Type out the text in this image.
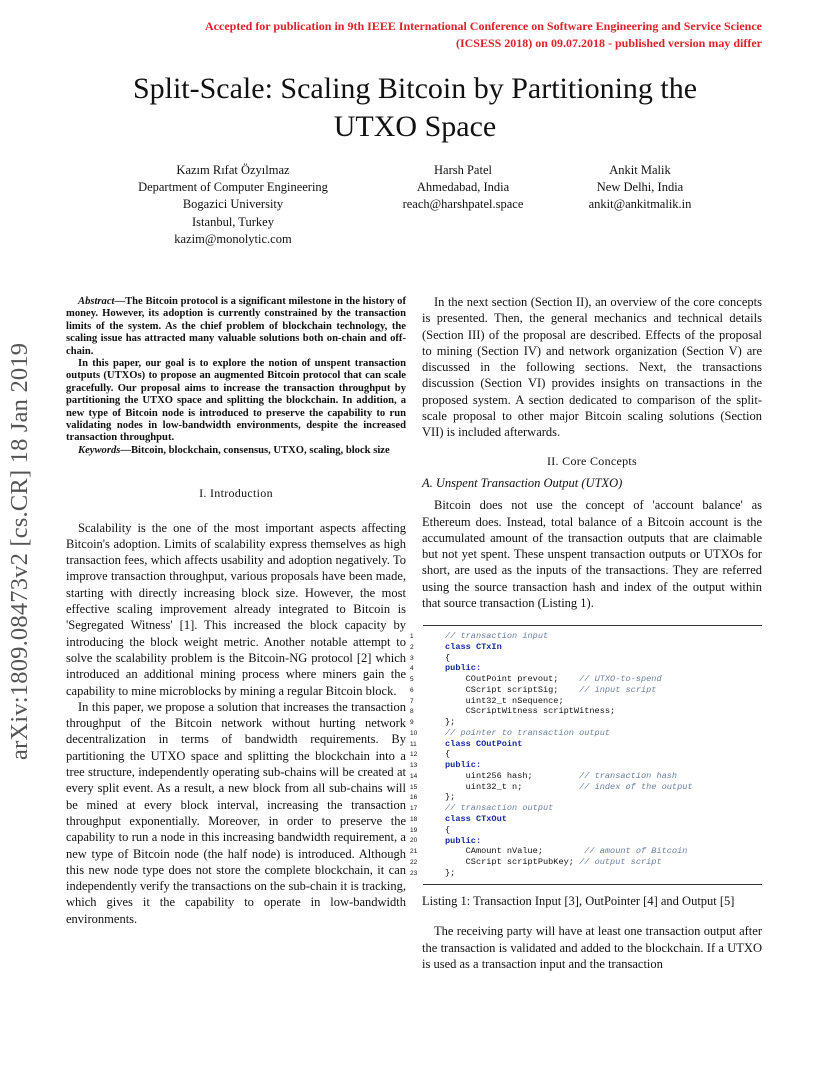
Accepted for publication in 9th IEEE International Conference on Software Engineering and Service Science
(ICSESS 2018) on 09.07.2018 - published version may differ
Split-Scale: Scaling Bitcoin by Partitioning the
UTXO Space
Kazım Rıfat Özyılmaz
Department of Computer Engineering
Bogazici University
Istanbul, Turkey
kazim@monolytic.com
Harsh Patel
Ahmedabad, India
reach@harshpatel.space
Ankit Malik
New Delhi, India
ankit@ankitmalik.in
arXiv:1809.08473v2 [cs.CR] 18 Jan 2019

Abstract—The Bitcoin protocol is a significant milestone in the history of money. However, its adoption is currently constrained by the transaction limits of the system. As the chief problem of blockchain technology, the scaling issue has attracted many valuable solutions both on-chain and off-chain.

In this paper, our goal is to explore the notion of unspent transaction outputs (UTXOs) to propose an augmented Bitcoin protocol that can scale gracefully. Our proposal aims to increase the transaction throughput by partitioning the UTXO space and splitting the blockchain. In addition, a new type of Bitcoin node is introduced to preserve the capability to run validating nodes in low-bandwidth environments, despite the increased transaction throughput.

Keywords—Bitcoin, blockchain, consensus, UTXO, scaling, block size

I. Introduction

Scalability is the one of the most important aspects affecting Bitcoin's adoption. Limits of scalability express themselves as high transaction fees, which affects usability and adoption negatively. To improve transaction throughput, various proposals have been made, starting with directly increasing block size. However, the most effective scaling improvement already integrated to Bitcoin is 'Segregated Witness' [1]. This increased the block capacity by introducing the block weight metric. Another notable attempt to solve the scalability problem is the Bitcoin-NG protocol [2] which introduced an additional mining process where miners gain the capability to mine microblocks by mining a regular Bitcoin block.

In this paper, we propose a solution that increases the transaction throughput of the Bitcoin network without hurting network decentralization in terms of bandwidth requirements. By partitioning the UTXO space and splitting the blockchain into a tree structure, independently operating sub-chains will be created at every split event. As a result, a new block from all sub-chains will be mined at every block interval, increasing the transaction throughput exponentially. Moreover, in order to preserve the capability to run a node in this increasing bandwidth requirement, a new type of Bitcoin node (the half node) is introduced. Although this new node type does not store the complete blockchain, it can independently verify the transactions on the sub-chain it is tracking, which gives it the capability to operate in low-bandwidth environments.

1
2
3
4
5
6
7
8
9
10
11
12
13
14
15
16
17
18
19
20
21
22
23

In the next section (Section II), an overview of the core concepts is presented. Then, the general mechanics and technical details (Section III) of the proposal are described. Effects of the proposal to mining (Section IV) and network organization (Section V) are discussed in the following sections. Next, the transactions discussion (Section VI) provides insights on transactions in the proposed system. A section dedicated to comparison of the split-scale proposal to other major Bitcoin scaling solutions (Section VII) is included afterwards.

II. Core Concepts

A. Unspent Transaction Output (UTXO)

Bitcoin does not use the concept of 'account balance' as Ethereum does. Instead, total balance of a Bitcoin account is the accumulated amount of the transaction outputs that are claimable but not yet spent. These unspent transaction outputs or UTXOs for short, are used as the inputs of the transactions. They are referred using the source transaction hash and index of the output within that source transaction (Listing 1).

// transaction input
class CTxIn
{
public:
COutPoint prevout;    // UTXO-to-spend
CScript scriptSig;    // input script
uint32_t nSequence;
CScriptWitness scriptWitness;
};
// pointer to transaction output
class COutPoint
{
public:
uint256 hash;         // transaction hash
uint32_t n;           // index of the output
};
// transaction output
class CTxOut
{
public:
CAmount nValue;        // amount of Bitcoin
CScript scriptPubKey; // output script
};

Listing 1: Transaction Input [3], OutPointer [4] and Output [5]

The receiving party will have at least one transaction output after the transaction is validated and added to the blockchain. If a UTXO is used as a transaction input and the transaction
